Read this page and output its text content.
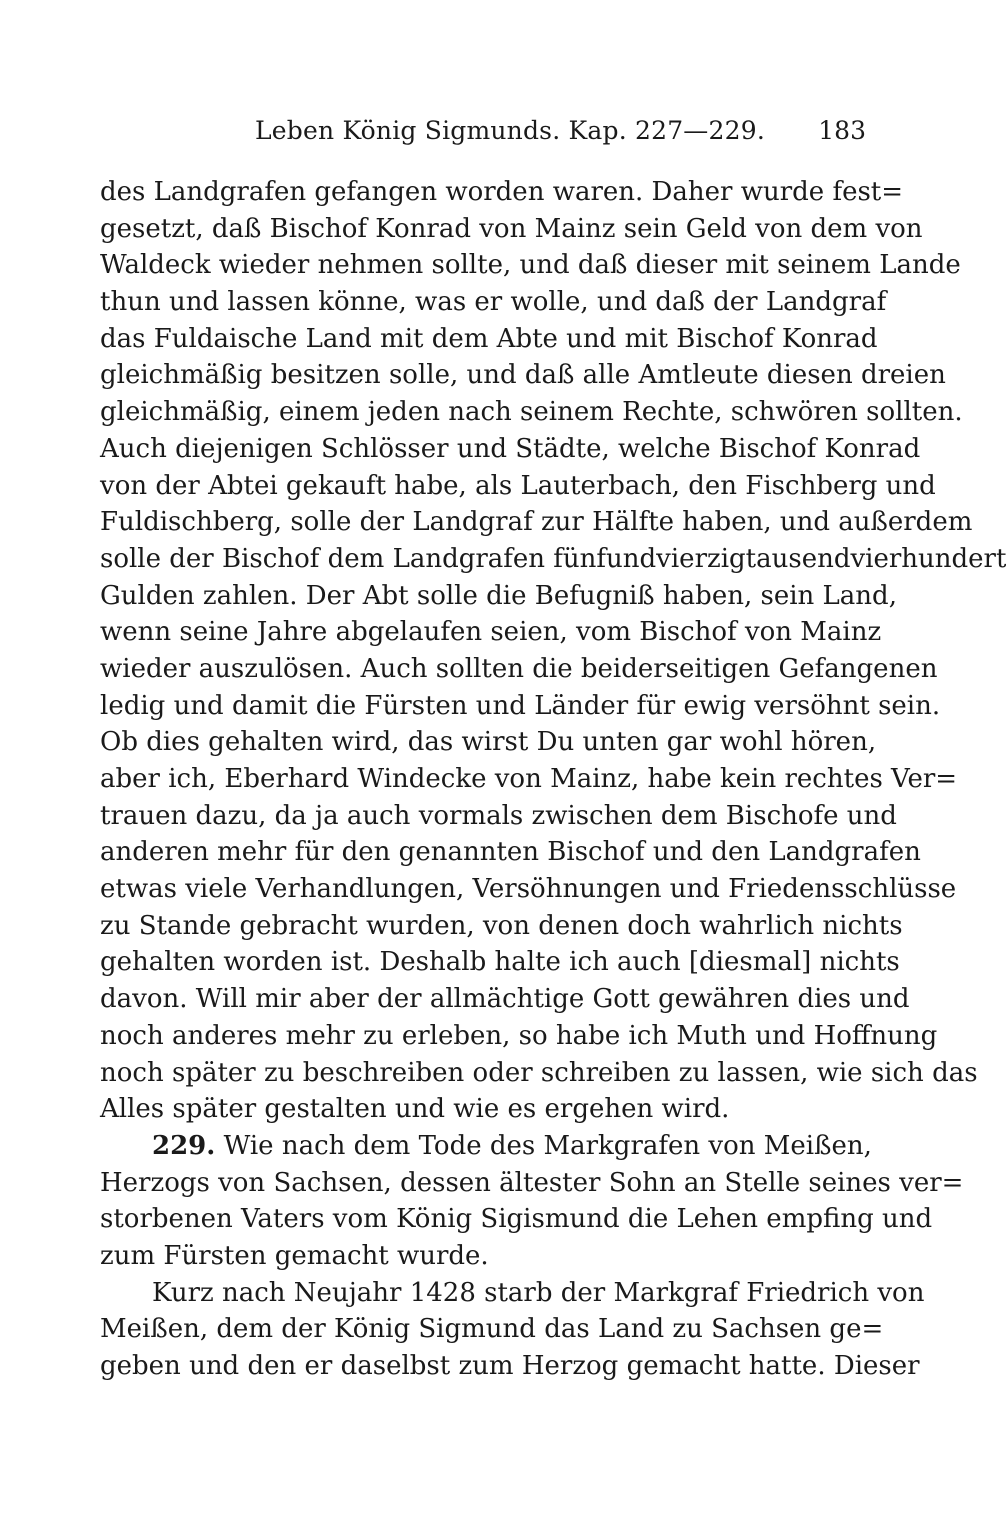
Leben König Sigmunds. Kap. 227—229. 183
des Landgrafen gefangen worden waren. Daher wurde fest=
gesetzt, daß Bischof Konrad von Mainz sein Geld von dem von
Waldeck wieder nehmen sollte, und daß dieser mit seinem Lande
thun und lassen könne, was er wolle, und daß der Landgraf
das Fuldaische Land mit dem Abte und mit Bischof Konrad
gleichmäßig besitzen solle, und daß alle Amtleute diesen dreien
gleichmäßig, einem jeden nach seinem Rechte, schwören sollten.
Auch diejenigen Schlösser und Städte, welche Bischof Konrad
von der Abtei gekauft habe, als Lauterbach, den Fischberg und
Fuldischberg, solle der Landgraf zur Hälfte haben, und außerdem
solle der Bischof dem Landgrafen fünfundvierzigtausendvierhundert
Gulden zahlen. Der Abt solle die Befugniß haben, sein Land,
wenn seine Jahre abgelaufen seien, vom Bischof von Mainz
wieder auszulösen. Auch sollten die beiderseitigen Gefangenen
ledig und damit die Fürsten und Länder für ewig versöhnt sein.
Ob dies gehalten wird, das wirst Du unten gar wohl hören,
aber ich, Eberhard Windecke von Mainz, habe kein rechtes Ver=
trauen dazu, da ja auch vormals zwischen dem Bischofe und
anderen mehr für den genannten Bischof und den Landgrafen
etwas viele Verhandlungen, Versöhnungen und Friedensschlüsse
zu Stande gebracht wurden, von denen doch wahrlich nichts
gehalten worden ist. Deshalb halte ich auch [diesmal] nichts
davon. Will mir aber der allmächtige Gott gewähren dies und
noch anderes mehr zu erleben, so habe ich Muth und Hoffnung
noch später zu beschreiben oder schreiben zu lassen, wie sich das
Alles später gestalten und wie es ergehen wird.
229. Wie nach dem Tode des Markgrafen von Meißen,
Herzogs von Sachsen, dessen ältester Sohn an Stelle seines ver=
storbenen Vaters vom König Sigismund die Lehen empfing und
zum Fürsten gemacht wurde.
Kurz nach Neujahr 1428 starb der Markgraf Friedrich von
Meißen, dem der König Sigmund das Land zu Sachsen ge=
geben und den er daselbst zum Herzog gemacht hatte. Dieser
